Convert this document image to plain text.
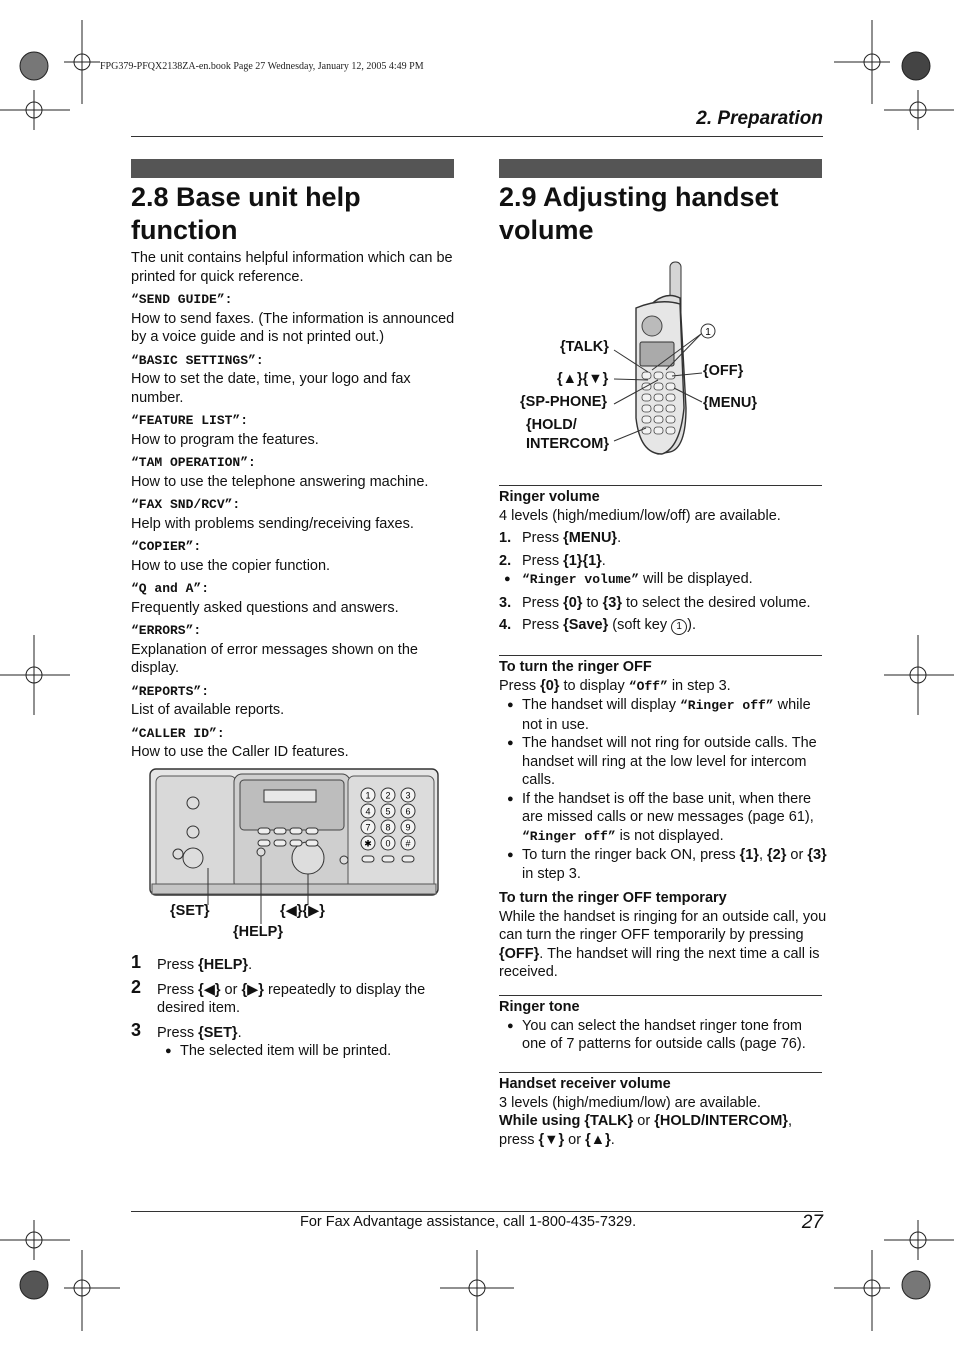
FPG379-PFQX2138ZA-en.book Page 27 Wednesday, January 12, 2005 4:49 PM
2. Preparation
2.8 Base unit help function

The unit contains helpful information which can be printed for quick reference.

“SEND GUIDE”:

How to send faxes. (The information is announced by a voice guide and is not printed out.)

“BASIC SETTINGS”:

How to set the date, time, your logo and fax number.

“FEATURE LIST”:

How to program the features.

“TAM OPERATION”:

How to use the telephone answering machine.

“FAX SND/RCV”:

Help with problems sending/receiving faxes.

“COPIER”:

How to use the copier function.

“Q and A”:

Frequently asked questions and answers.

“ERRORS”:

Explanation of error messages shown on the display.

“REPORTS”:

List of available reports.

“CALLER ID”:

How to use the Caller ID features.

1 2 3
4 5 6
7 8 9
✱ 0 #
{SET}
{HELP}
{◀}{▶}
1 Press {HELP}.
2 Press {◀} or {▶} repeatedly to display the desired item.
3 Press {SET}.
● The selected item will be printed.
2.9 Adjusting handset volume
1
{TALK}
{▲}{▼}
{SP-PHONE}
{HOLD/
INTERCOM}
{OFF}
{MENU}
Ringer volume

4 levels (high/medium/low/off) are available.

1. Press {MENU}.
2. Press {1}{1}.
● “Ringer volume” will be displayed.
3. Press {0} to {3} to select the desired volume.
4. Press {Save} (soft key 1 ).
To turn the ringer OFF

Press {0} to display “Off” in step 3.

● The handset will display “Ringer off” while not in use.
● The handset will not ring for outside calls. The handset will ring at the low level for intercom calls.
● If the handset is off the base unit, when there are missed calls or new messages (page 61), “Ringer off” is not displayed.
● To turn the ringer back ON, press {1}, {2} or {3} in step 3.
To turn the ringer OFF temporary

While the handset is ringing for an outside call, you can turn the ringer OFF temporarily by pressing {OFF}. The handset will ring the next time a call is received.

Ringer tone
● You can select the handset ringer tone from one of 7 patterns for outside calls (page 76).
Handset receiver volume

3 levels (high/medium/low) are available.

While using {TALK} or {HOLD/INTERCOM},

press {▼} or {▲}.

For Fax Advantage assistance, call 1-800-435-7329.	27
